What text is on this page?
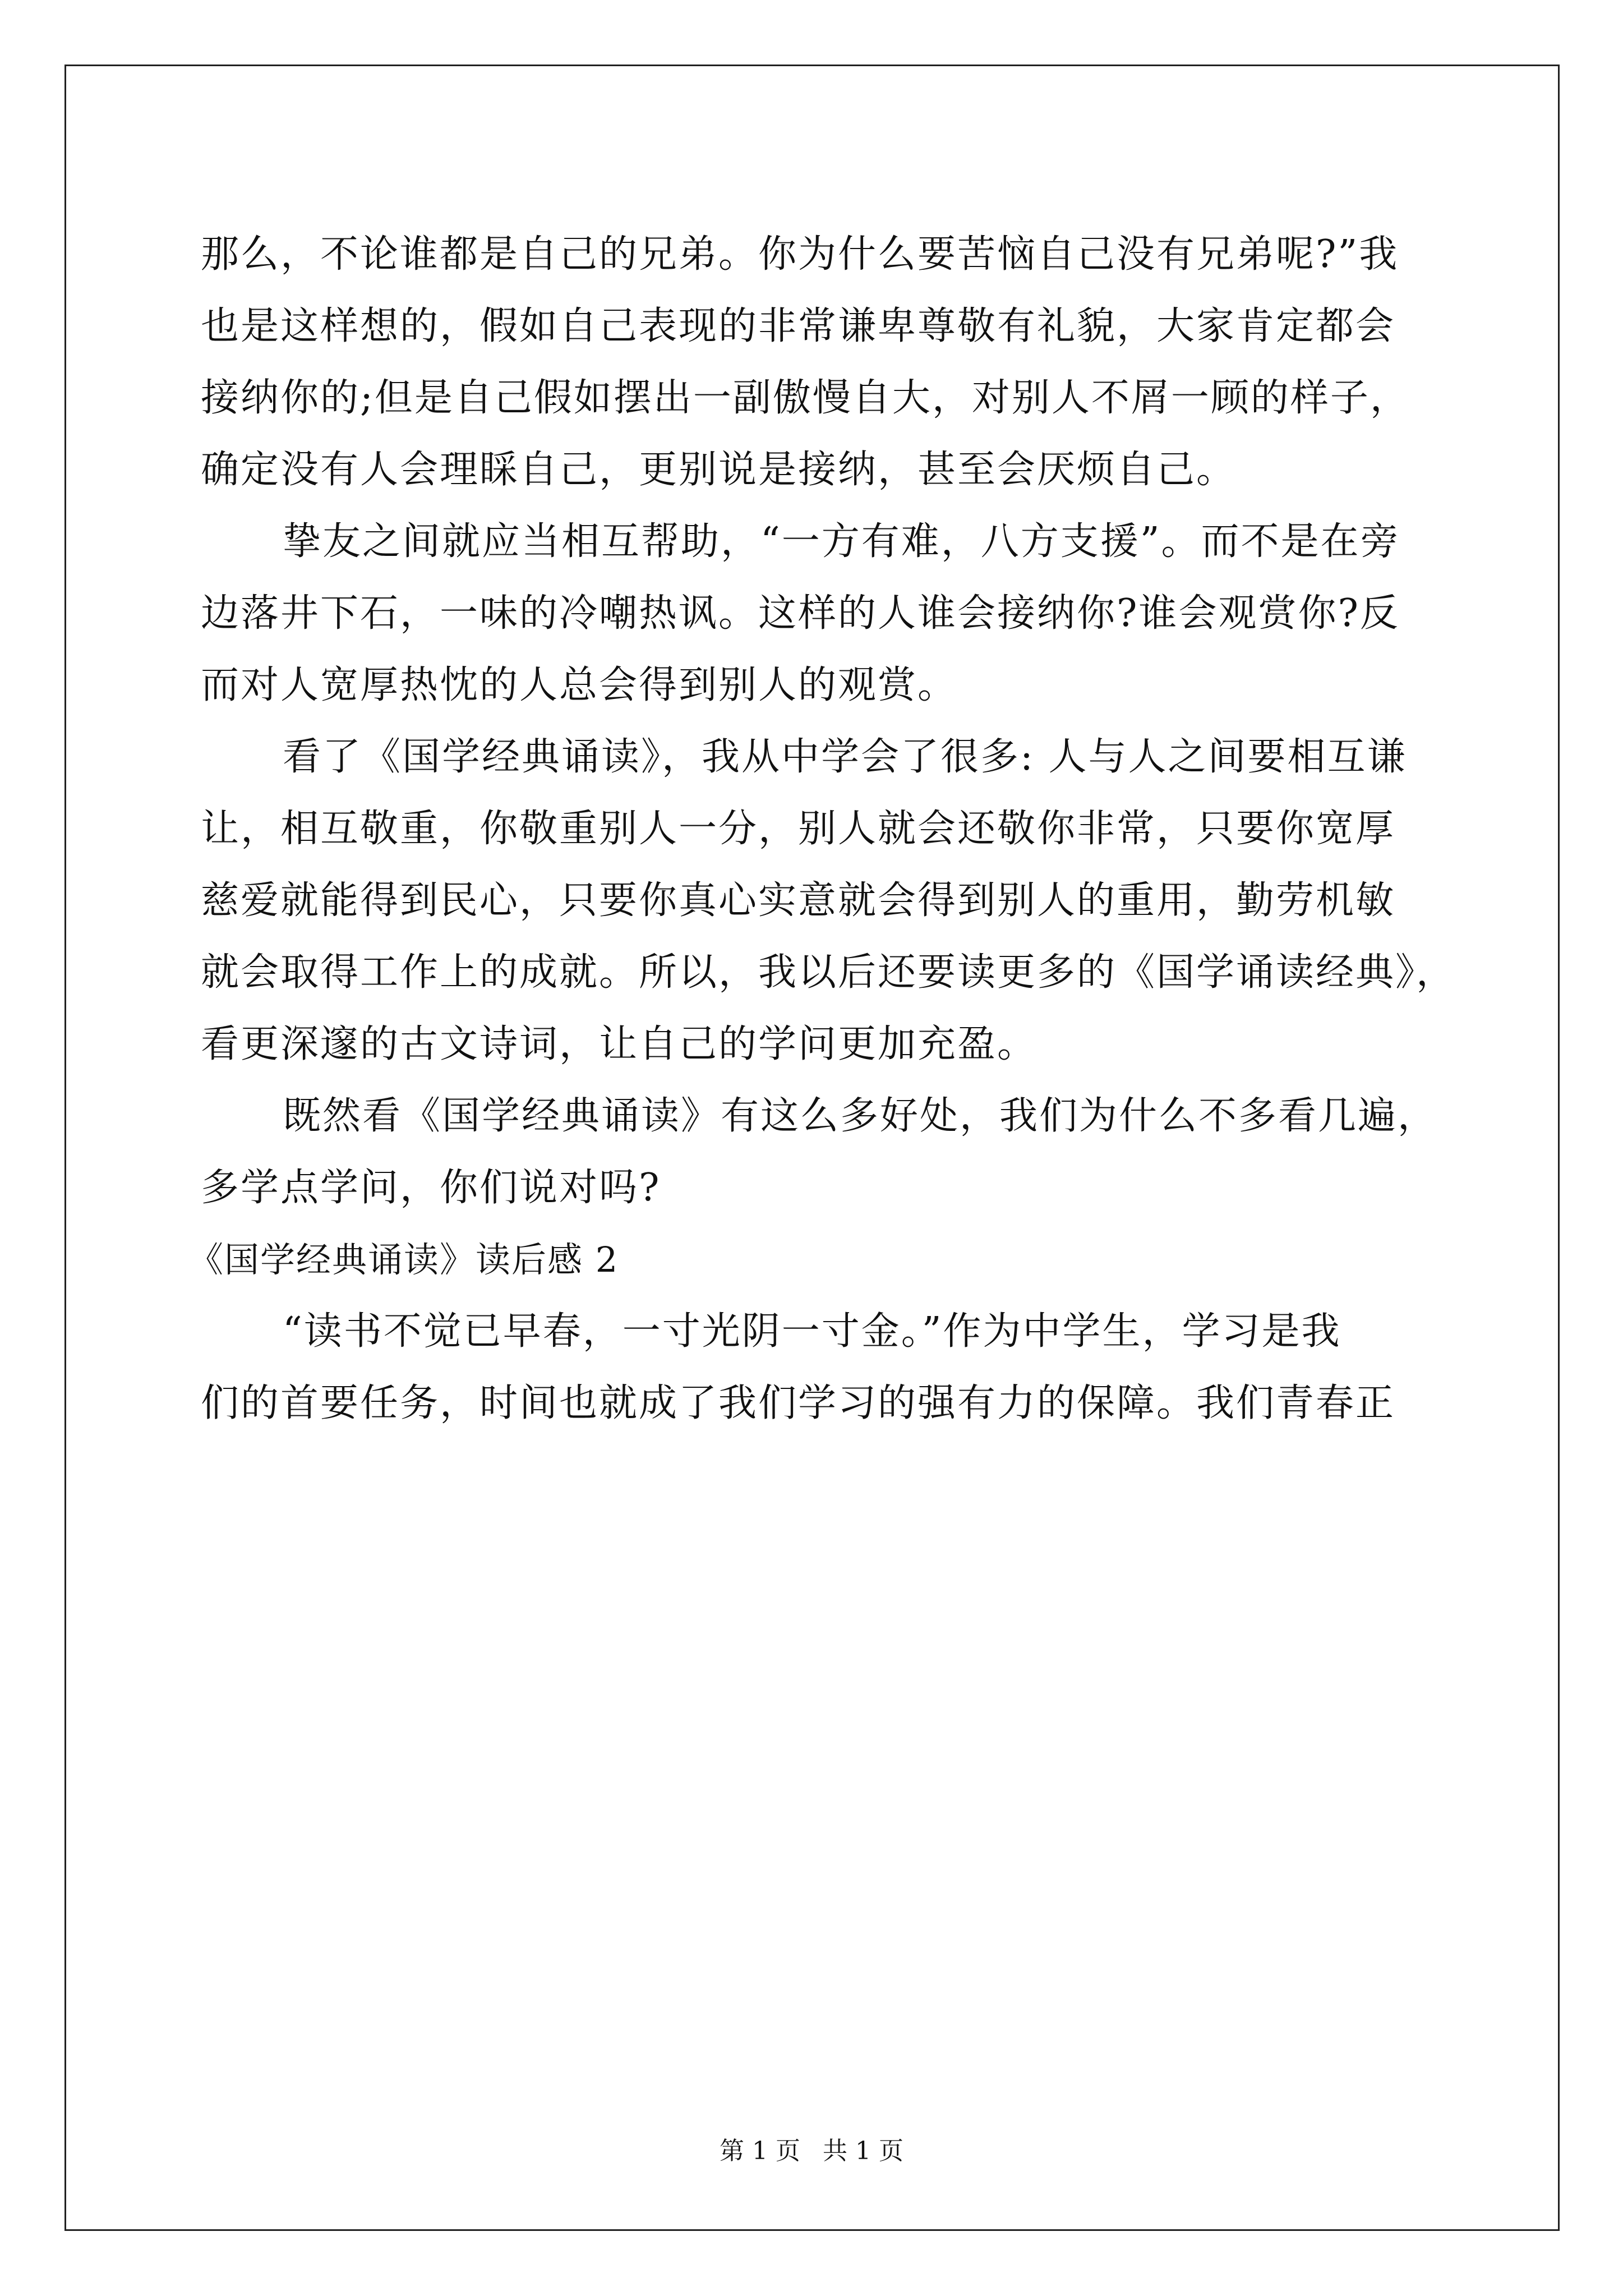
那么，不论谁都是自己的兄弟。你为什么要苦恼自己没有兄弟呢?”我
也是这样想的，假如自己表现的非常谦卑尊敬有礼貌，大家肯定都会
接纳你的;但是自己假如摆出一副傲慢自大，对别人不屑一顾的样子，
确定没有人会理睬自己，更别说是接纳，甚至会厌烦自己。
挚友之间就应当相互帮助，“一方有难，八方支援”。而不是在旁
边落井下石，一味的冷嘲热讽。这样的人谁会接纳你?谁会观赏你?反
而对人宽厚热忱的人总会得到别人的观赏。
看了《国学经典诵读》，我从中学会了很多: 人与人之间要相互谦
让，相互敬重，你敬重别人一分，别人就会还敬你非常，只要你宽厚
慈爱就能得到民心，只要你真心实意就会得到别人的重用，勤劳机敏
就会取得工作上的成就。所以，我以后还要读更多的《国学诵读经典》，
看更深邃的古文诗词，让自己的学问更加充盈。
既然看《国学经典诵读》有这么多好处，我们为什么不多看几遍，
多学点学问，你们说对吗?
《国学经典诵读》读后感 2
“读书不觉已早春，一寸光阴一寸金。”作为中学生，学习是我
们的首要任务，时间也就成了我们学习的强有力的保障。我们青春正
第 1 页 共 1 页
